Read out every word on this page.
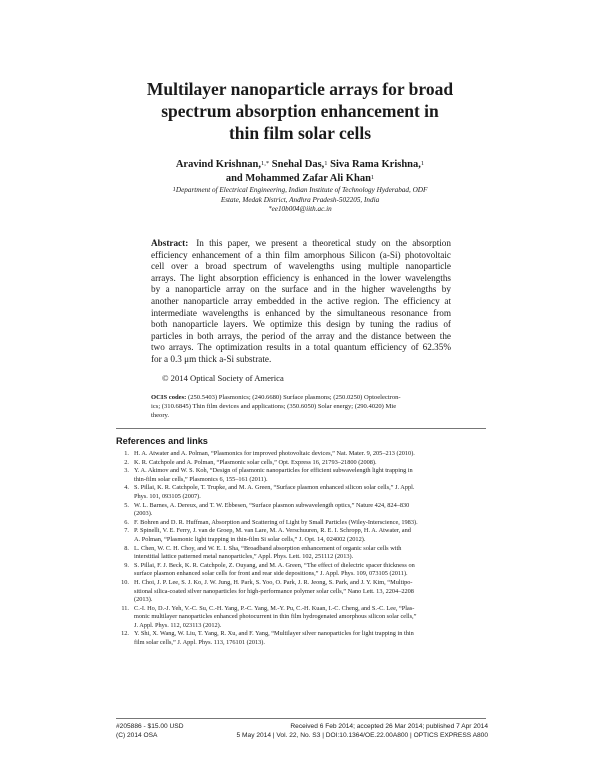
Multilayer nanoparticle arrays for broad
spectrum absorption enhancement in
thin film solar cells
Aravind Krishnan,$^{1,*}$ Snehal Das,$^1$ Siva Rama Krishna,$^1$
and Mohammed Zafar Ali Khan$^1$
$^1$Department of Electrical Engineering, Indian Institute of Technology Hyderabad, ODF
Estate, Medak District, Andhra Pradesh-502205, India
*ee10b004@iith.ac.in
Abstract: In this paper, we present a theoretical study on the absorption
efficiency enhancement of a thin film amorphous Silicon (a-Si) photovoltaic
cell over a broad spectrum of wavelengths using multiple nanoparticle
arrays. The light absorption efficiency is enhanced in the lower wavelengths
by a nanoparticle array on the surface and in the higher wavelengths by
another nanoparticle array embedded in the active region. The efficiency at
intermediate wavelengths is enhanced by the simultaneous resonance from
both nanoparticle layers. We optimize this design by tuning the radius of
particles in both arrays, the period of the array and the distance between the
two arrays. The optimization results in a total quantum efficiency of 62.35%
for a 0.3 μm thick a-Si substrate.
© 2014 Optical Society of America
OCIS codes: (250.5403) Plasmonics; (240.6680) Surface plasmons; (250.0250) Optoelectron-
ics; (310.6845) Thin film devices and applications; (350.6050) Solar energy; (290.4020) Mie
theory.
References and links
1. H. A. Atwater and A. Polman, “Plasmonics for improved photovoltaic devices,” Nat. Mater. 9, 205–213 (2010).
2. K. R. Catchpole and A. Polman, “Plasmonic solar cells,” Opt. Express 16, 21793–21800 (2008).
3. Y. A. Akimov and W. S. Koh, “Design of plasmonic nanoparticles for efficient subwavelength light trapping in
thin-film solar cells,” Plasmonics 6, 155–161 (2011).
4. S. Pillai, K. R. Catchpole, T. Trupke, and M. A. Green, “Surface plasmon enhanced silicon solar cells,” J. Appl.
Phys. 101, 093105 (2007).
5. W. L. Barnes, A. Dereux, and T. W. Ebbesen, “Surface plasmon subwavelength optics,” Nature 424, 824–830
(2003).
6. F. Bohren and D. R. Huffman, Absorption and Scattering of Light by Small Particles (Wiley-Interscience, 1983).
7. P. Spinelli, V. E. Ferry, J. van de Groep, M. van Lare, M. A. Verschuuren, R. E. I. Schropp, H. A. Atwater, and
A. Polman, “Plasmonic light trapping in thin-film Si solar cells,” J. Opt. 14, 024002 (2012).
8. L. Chen, W. C. H. Choy, and W. E. I. Sha, “Broadband absorption enhancement of organic solar cells with
interstitial lattice patterned metal nanoparticles,” Appl. Phys. Lett. 102, 251112 (2013).
9. S. Pillai, F. J. Beck, K. R. Catchpole, Z. Ouyang, and M. A. Green, “The effect of dielectric spacer thickness on
surface plasmon enhanced solar cells for front and rear side depositions,” J. Appl. Phys. 109, 073105 (2011).
10. H. Choi, J. P. Lee, S. J. Ko, J. W. Jung, H. Park, S. Yoo, O. Park, J. R. Jeong, S. Park, and J. Y. Kim, “Multipo-
sitional silica-coated silver nanoparticles for high-performance polymer solar cells,” Nano Lett. 13, 2204–2208
(2013).
11. C.-I. Ho, D.-J. Yeh, V.-C. Su, C.-H. Yang, P.-C. Yang, M.-Y. Pu, C.-H. Kuan, I.-C. Cheng, and S.-C. Lee, “Plas-
monic multilayer nanoparticles enhanced photocurrent in thin film hydrogenated amorphous silicon solar cells,”
J. Appl. Phys. 112, 023113 (2012).
12. Y. Shi, X. Wang, W. Liu, T. Yang, R. Xu, and F. Yang, “Multilayer silver nanoparticles for light trapping in thin
film solar cells,” J. Appl. Phys. 113, 176101 (2013).
#205886 - $15.00 USD	Received 6 Feb 2014; accepted 26 Mar 2014; published 7 Apr 2014
(C) 2014 OSA	5 May 2014 | Vol. 22, No. S3 | DOI:10.1364/OE.22.00A800 | OPTICS EXPRESS A800
